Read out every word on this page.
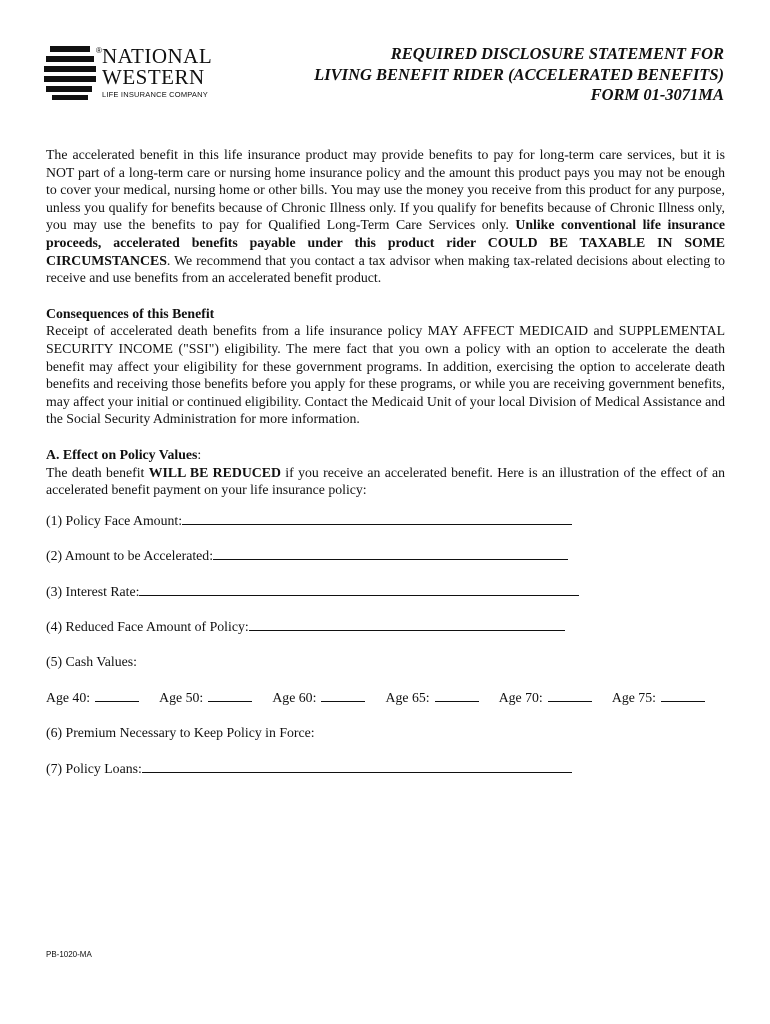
® NATIONAL
WESTERN
LIFE INSURANCE COMPANY
REQUIRED DISCLOSURE STATEMENT FOR
LIVING BENEFIT RIDER (ACCELERATED BENEFITS)
FORM 01-3071MA

The accelerated benefit in this life insurance product may provide benefits to pay for long-term care services, but it is NOT part of a long-term care or nursing home insurance policy and the amount this product pays you may not be enough to cover your medical, nursing home or other bills. You may use the money you receive from this product for any purpose, unless you qualify for benefits because of Chronic Illness only. If you qualify for benefits because of Chronic Illness only, you may use the benefits to pay for Qualified Long-Term Care Services only. Unlike conventional life insurance proceeds, accelerated benefits payable under this product rider COULD BE TAXABLE IN SOME CIRCUMSTANCES. We recommend that you contact a tax advisor when making tax-related decisions about electing to receive and use benefits from an accelerated benefit product.

Consequences of this Benefit

Receipt of accelerated death benefits from a life insurance policy MAY AFFECT MEDICAID and SUPPLEMENTAL SECURITY INCOME ("SSI") eligibility. The mere fact that you own a policy with an option to accelerate the death benefit may affect your eligibility for these government programs. In addition, exercising the option to accelerate death benefits and receiving those benefits before you apply for these programs, or while you are receiving government benefits, may affect your initial or continued eligibility. Contact the Medicaid Unit of your local Division of Medical Assistance and the Social Security Administration for more information.

A. Effect on Policy Values:

The death benefit WILL BE REDUCED if you receive an accelerated benefit. Here is an illustration of the effect of an accelerated benefit payment on your life insurance policy:

(1) Policy Face Amount:
(2) Amount to be Accelerated:
(3) Interest Rate:
(4) Reduced Face Amount of Policy:
(5) Cash Values:
Age 40:	Age 50:	Age 60:	Age 65:	Age 70:	Age 75:
(6) Premium Necessary to Keep Policy in Force:
(7) Policy Loans:
PB-1020-MA
